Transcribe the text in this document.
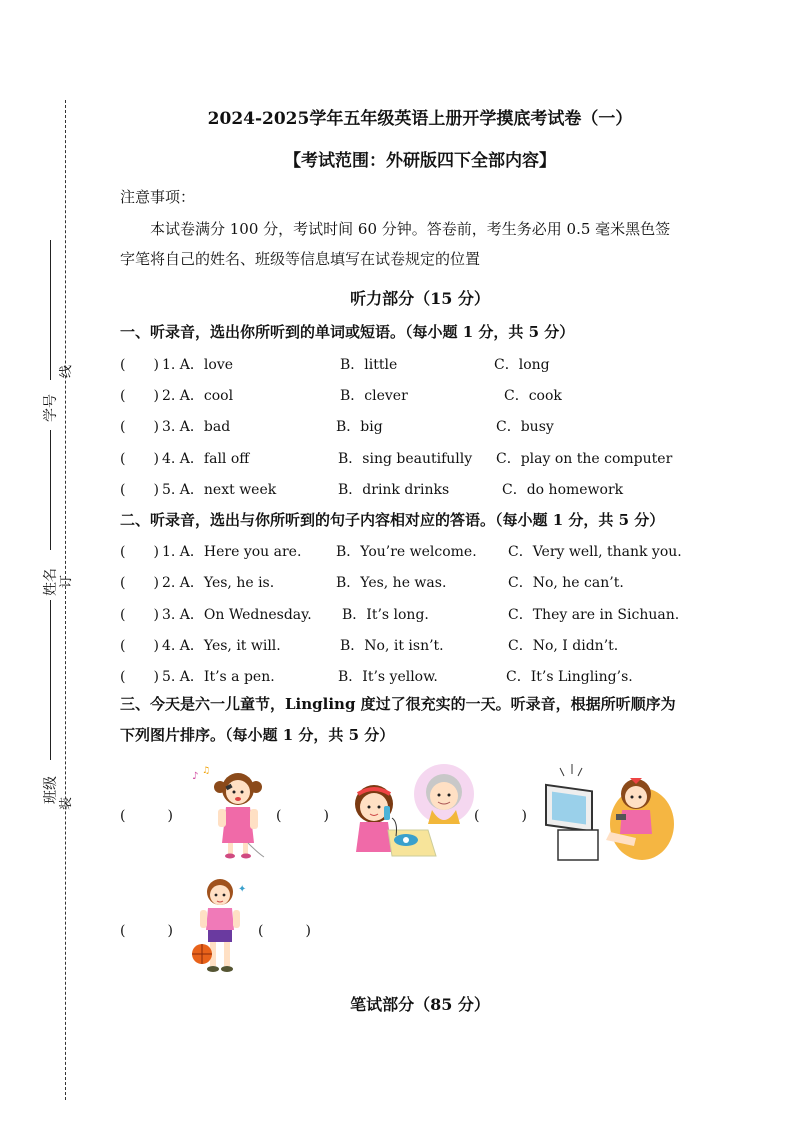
学号
姓名
班级
线
订
装
2024-2025学年五年级英语上册开学摸底考试卷（一）
【考试范围：外研版四下全部内容】
注意事项：
本试卷满分 100 分，考试时间 60 分钟。答卷前，考生务必用 0.5 毫米黑色签字笔将自己的姓名、班级等信息填写在试卷规定的位置
听力部分（15 分）
一、听录音，选出你所听到的单词或短语。（每小题 1 分，共 5 分）
(　　) 1. A．love	B．little	C．long
(　　) 2. A．cool	B．clever	C．cook
(　　) 3. A．bad	B．big	C．busy
(　　) 4. A．fall off	B．sing beautifully C．play on the computer
(　　) 5. A．next week	B．drink drinks	C．do homework
二、听录音，选出与你所听到的句子内容相对应的答语。（每小题 1 分，共 5 分）
(　　) 1. A．Here you are. B．You’re welcome. C．Very well, thank you.
(　　) 2. A．Yes, he is.	B．Yes, he was.	C．No, he can’t.
(　　) 3. A．On Wednesday. B．It’s long.	C．They are in Sichuan.
(　　) 4. A．Yes, it will.	B．No, it isn’t.	C．No, I didn’t.
(　　) 5. A．It’s a pen.	B．It’s yellow.	C．It’s Lingling’s.
三、今天是六一儿童节，Lingling 度过了很充实的一天。听录音，根据所听顺序为下列图片排序。（每小题 1 分，共 5 分）
(　　　)	(　　　)	(　　　)
(　　　)	(　　　)
♪ ♫
✦
笔试部分（85 分）
